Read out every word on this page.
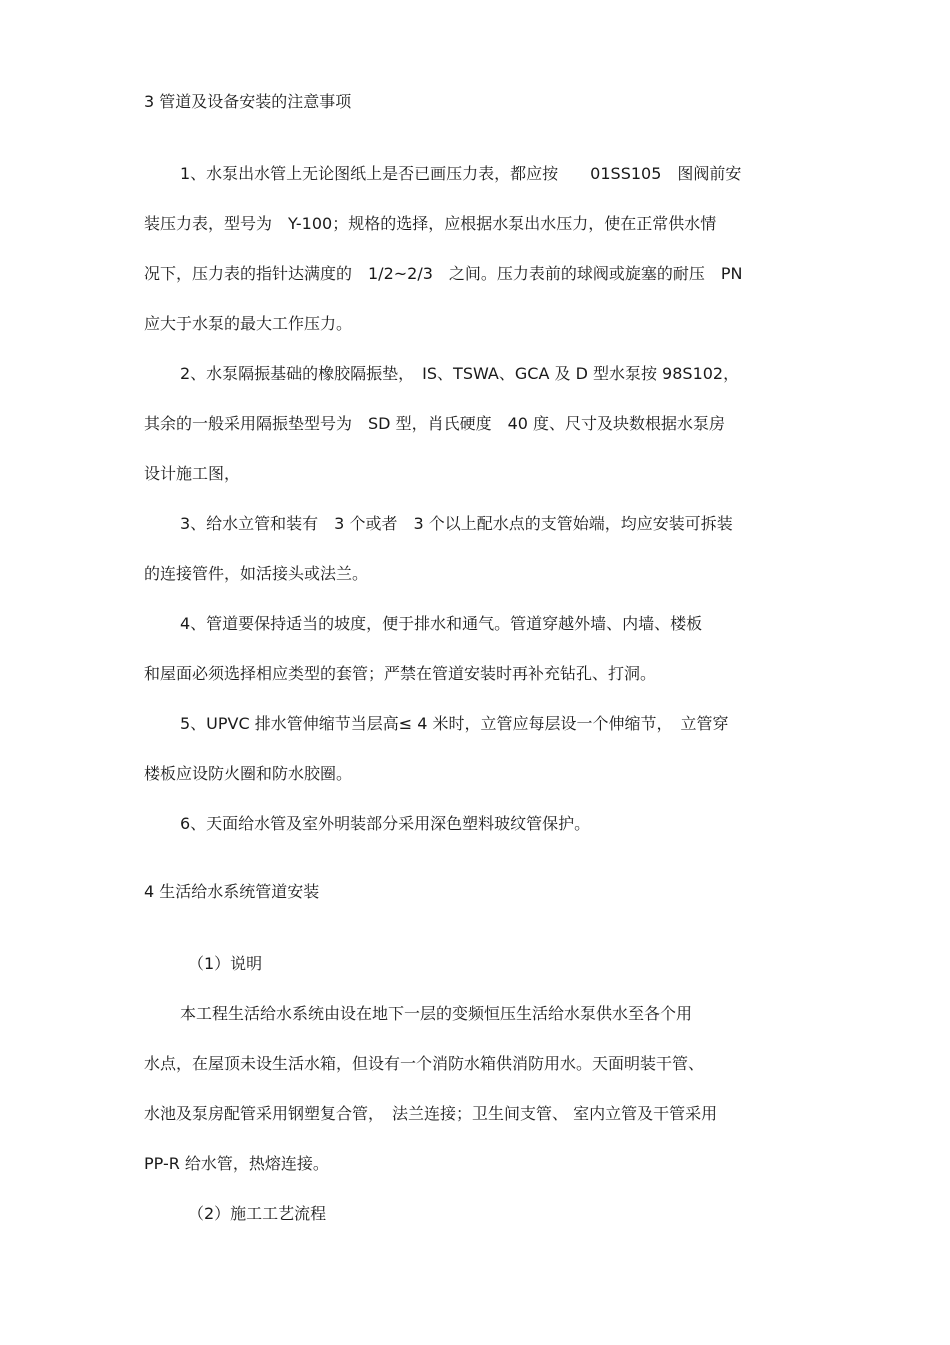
3 管道及设备安装的注意事项
1、水泵出水管上无论图纸上是否已画压力表，都应按　　01SS105　图阀前安
装压力表，型号为　Y-100；规格的选择，应根据水泵出水压力，使在正常供水情
况下，压力表的指针达满度的　1/2~2/3　之间。压力表前的球阀或旋塞的耐压　PN
应大于水泵的最大工作压力。
2、水泵隔振基础的橡胶隔振垫，　IS、TSWA、GCA 及 D 型水泵按 98S102，
其余的一般采用隔振垫型号为　SD 型，肖氏硬度　40 度、尺寸及块数根据水泵房
设计施工图，
3、给水立管和装有　3 个或者　3 个以上配水点的支管始端，均应安装可拆装
的连接管件，如活接头或法兰。
4、管道要保持适当的坡度，便于排水和通气。管道穿越外墙、内墙、楼板
和屋面必须选择相应类型的套管；严禁在管道安装时再补充钻孔、打洞。
5、UPVC 排水管伸缩节当层高≤ 4 米时，立管应每层设一个伸缩节，　立管穿
楼板应设防火圈和防水胶圈。
6、天面给水管及室外明装部分采用深色塑料玻纹管保护。
4 生活给水系统管道安装
（1）说明
本工程生活给水系统由设在地下一层的变频恒压生活给水泵供水至各个用
水点，在屋顶未设生活水箱，但设有一个消防水箱供消防用水。天面明装干管、
水池及泵房配管采用钢塑复合管，　法兰连接；卫生间支管、 室内立管及干管采用
PP-R 给水管，热熔连接。
（2）施工工艺流程
